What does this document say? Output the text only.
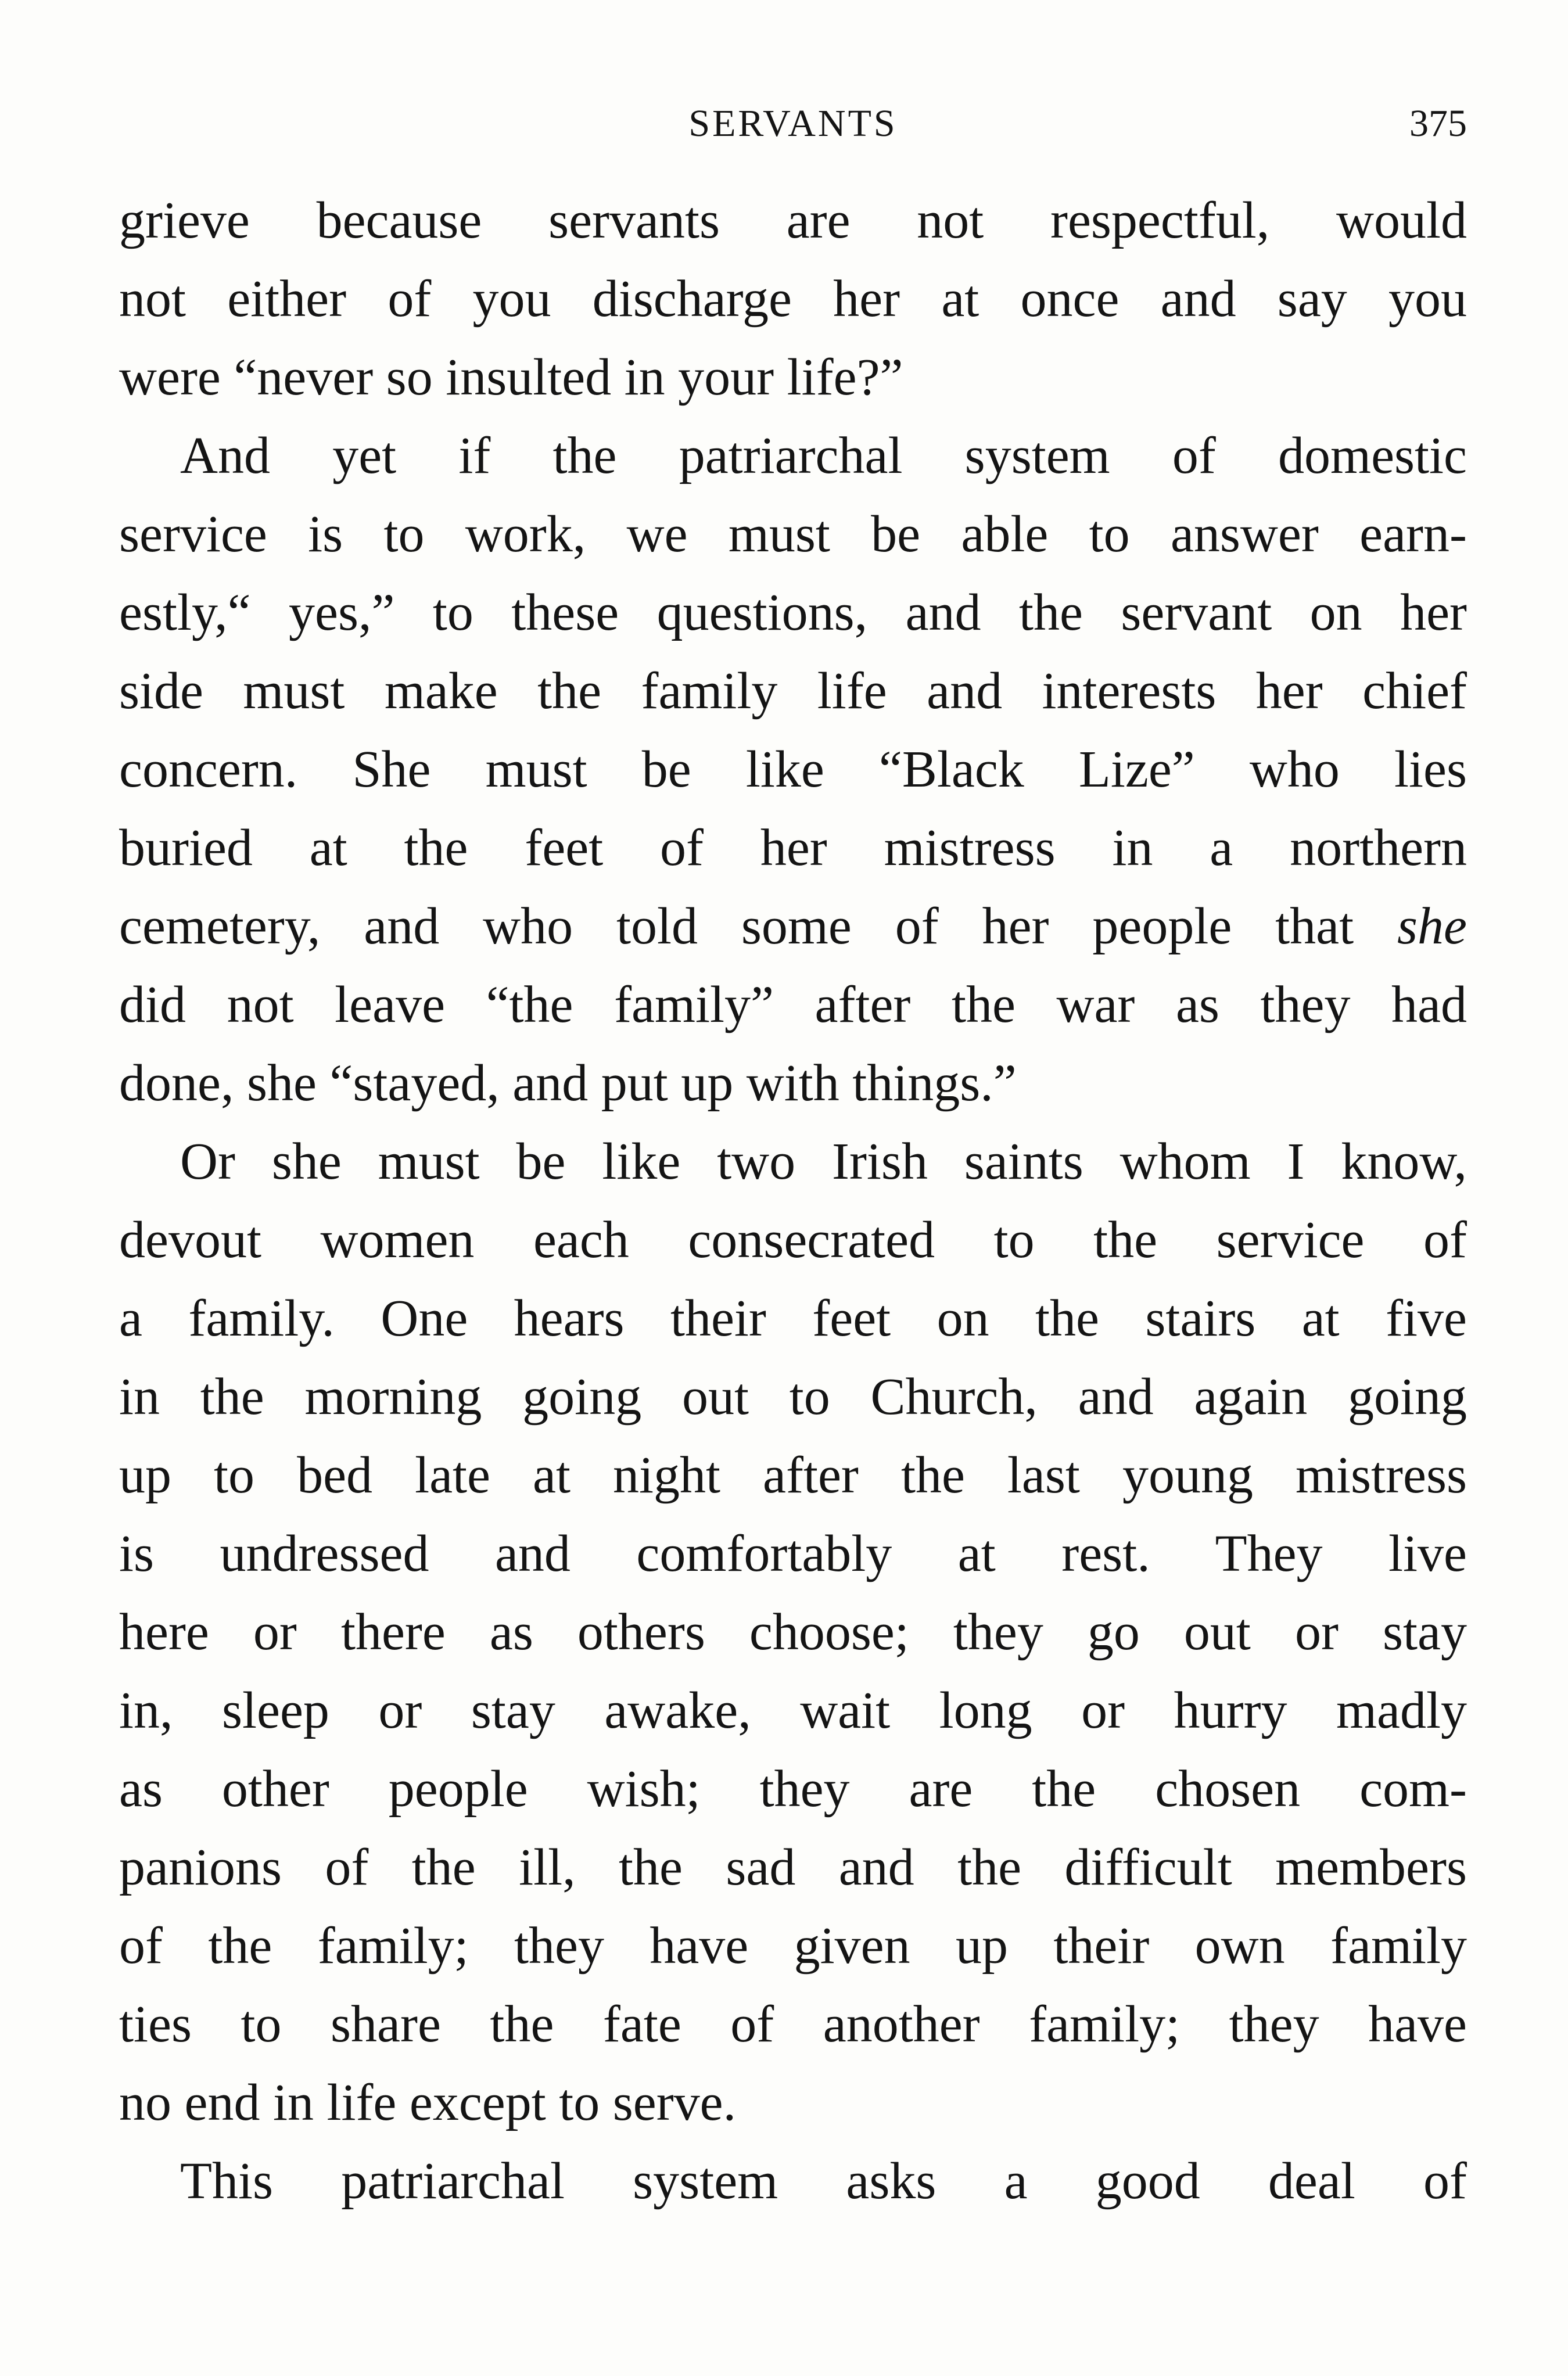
SERVANTS	375
grieve because servants are not respectful, would
not either of you discharge her at once and say you
were “never so insulted in your life?”
And yet if the patriarchal system of domestic
service is to work, we must be able to answer earn-
estly,“ yes,” to these questions, and the servant on her
side must make the family life and interests her chief
concern. She must be like “Black Lize” who lies
buried at the feet of her mistress in a northern
cemetery, and who told some of her people that she
did not leave “the family” after the war as they had
done, she “stayed, and put up with things.”
Or she must be like two Irish saints whom I know,
devout women each consecrated to the service of
a family. One hears their feet on the stairs at five
in the morning going out to Church, and again going
up to bed late at night after the last young mistress
is undressed and comfortably at rest. They live
here or there as others choose; they go out or stay
in, sleep or stay awake, wait long or hurry madly
as other people wish; they are the chosen com-
panions of the ill, the sad and the difficult members
of the family; they have given up their own family
ties to share the fate of another family; they have
no end in life except to serve.
This patriarchal system asks a good deal of
